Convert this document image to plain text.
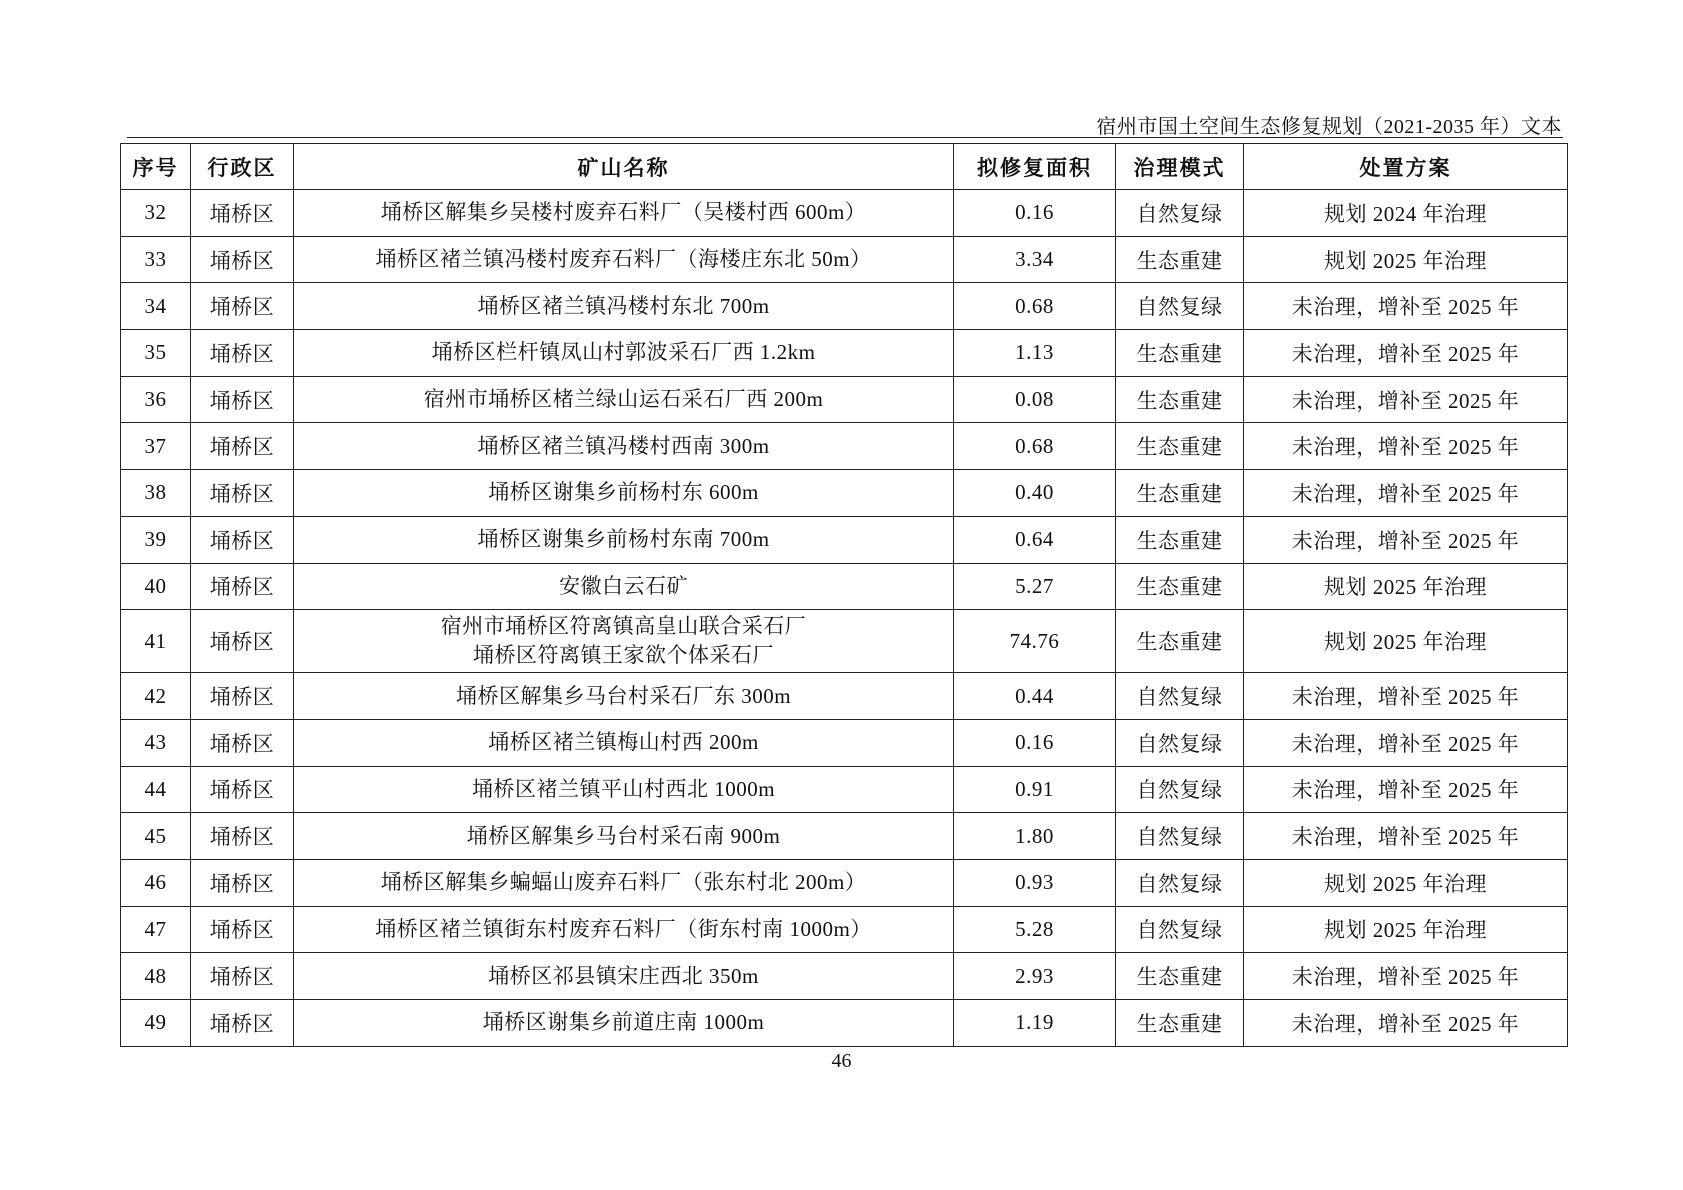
宿州市国土空间生态修复规划（2021-2035 年）文本
序号	行政区	矿山名称	拟修复面积	治理模式	处置方案
32	埇桥区	埇桥区解集乡吴楼村废弃石料厂（吴楼村西 600m）	0.16	自然复绿	规划 2024 年治理
33	埇桥区	埇桥区褚兰镇冯楼村废弃石料厂（海楼庄东北 50m）	3.34	生态重建	规划 2025 年治理
34	埇桥区	埇桥区褚兰镇冯楼村东北 700m	0.68	自然复绿	未治理，增补至 2025 年
35	埇桥区	埇桥区栏杆镇凤山村郭波采石厂西 1.2km	1.13	生态重建	未治理，增补至 2025 年
36	埇桥区	宿州市埇桥区楮兰绿山运石采石厂西 200m	0.08	生态重建	未治理，增补至 2025 年
37	埇桥区	埇桥区褚兰镇冯楼村西南 300m	0.68	生态重建	未治理，增补至 2025 年
38	埇桥区	埇桥区谢集乡前杨村东 600m	0.40	生态重建	未治理，增补至 2025 年
39	埇桥区	埇桥区谢集乡前杨村东南 700m	0.64	生态重建	未治理，增补至 2025 年
40	埇桥区	安徽白云石矿	5.27	生态重建	规划 2025 年治理
41	埇桥区	宿州市埇桥区符离镇高皇山联合采石厂
埇桥区符离镇王家欲个体采石厂	74.76	生态重建	规划 2025 年治理
42	埇桥区	埇桥区解集乡马台村采石厂东 300m	0.44	自然复绿	未治理，增补至 2025 年
43	埇桥区	埇桥区褚兰镇梅山村西 200m	0.16	自然复绿	未治理，增补至 2025 年
44	埇桥区	埇桥区褚兰镇平山村西北 1000m	0.91	自然复绿	未治理，增补至 2025 年
45	埇桥区	埇桥区解集乡马台村采石南 900m	1.80	自然复绿	未治理，增补至 2025 年
46	埇桥区	埇桥区解集乡蝙蝠山废弃石料厂（张东村北 200m）	0.93	自然复绿	规划 2025 年治理
47	埇桥区	埇桥区褚兰镇街东村废弃石料厂（街东村南 1000m）	5.28	自然复绿	规划 2025 年治理
48	埇桥区	埇桥区祁县镇宋庄西北 350m	2.93	生态重建	未治理，增补至 2025 年
49	埇桥区	埇桥区谢集乡前道庄南 1000m	1.19	生态重建	未治理，增补至 2025 年
46
